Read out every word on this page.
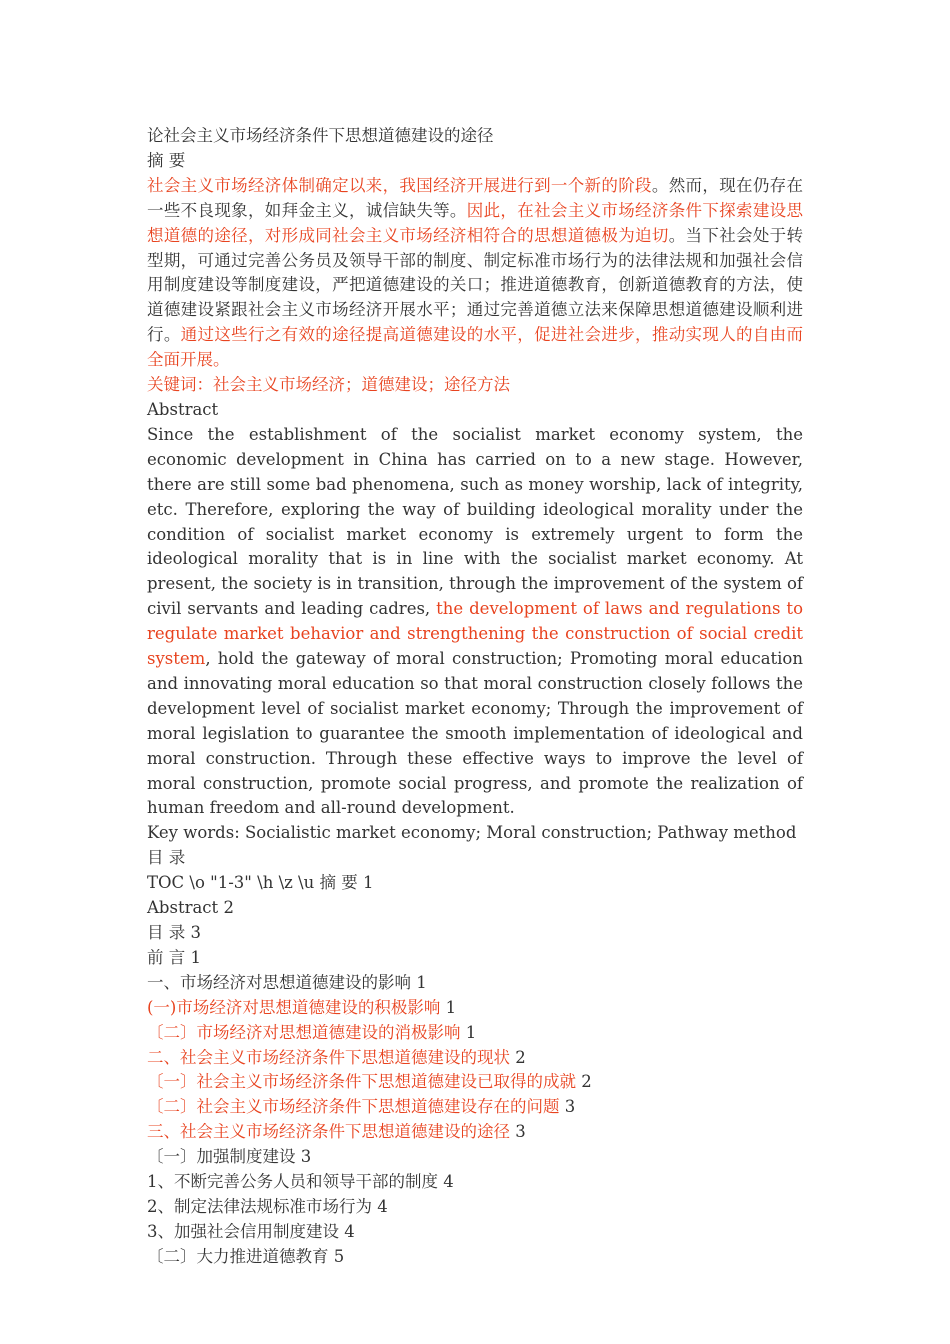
论社会主义市场经济条件下思想道德建设的途径
摘 要
社会主义市场经济体制确定以来，我国经济开展进行到一个新的阶段。然而，现在仍存在一些不良现象，如拜金主义，诚信缺失等。因此，在社会主义市场经济条件下探索建设思想道德的途径，对形成同社会主义市场经济相符合的思想道德极为迫切。当下社会处于转型期，可通过完善公务员及领导干部的制度、制定标准市场行为的法律法规和加强社会信用制度建设等制度建设，严把道德建设的关口；推进道德教育，创新道德教育的方法，使道德建设紧跟社会主义市场经济开展水平；通过完善道德立法来保障思想道德建设顺利进行。通过这些行之有效的途径提高道德建设的水平，促进社会进步，推动实现人的自由而全面开展。
关键词：社会主义市场经济；道德建设；途径方法
Abstract
Since the establishment of the socialist market economy system, the economic development in China has carried on to a new stage. However, there are still some bad phenomena, such as money worship, lack of integrity, etc. Therefore, exploring the way of building ideological morality under the condition of socialist market economy is extremely urgent to form the ideological morality that is in line with the socialist market economy. At present, the society is in transition, through the improvement of the system of civil servants and leading cadres, the development of laws and regulations to regulate market behavior and strengthening the construction of social credit system, hold the gateway of moral construction; Promoting moral education and innovating moral education so that moral construction closely follows the development level of socialist market economy; Through the improvement of moral legislation to guarantee the smooth implementation of ideological and moral construction. Through these effective ways to improve the level of moral construction, promote social progress, and promote the realization of human freedom and all-round development.
Key words: Socialistic market economy; Moral construction; Pathway method
目 录
TOC \o "1-3" \h \z \u 摘 要 1
Abstract 2
目 录 3
前 言 1
一、市场经济对思想道德建设的影响 1
(一)市场经济对思想道德建设的积极影响 1
〔二〕市场经济对思想道德建设的消极影响 1
二、社会主义市场经济条件下思想道德建设的现状 2
〔一〕社会主义市场经济条件下思想道德建设已取得的成就 2
〔二〕社会主义市场经济条件下思想道德建设存在的问题 3
三、社会主义市场经济条件下思想道德建设的途径 3
〔一〕加强制度建设 3
1、不断完善公务人员和领导干部的制度 4
2、制定法律法规标准市场行为 4
3、加强社会信用制度建设 4
〔二〕大力推进道德教育 5
